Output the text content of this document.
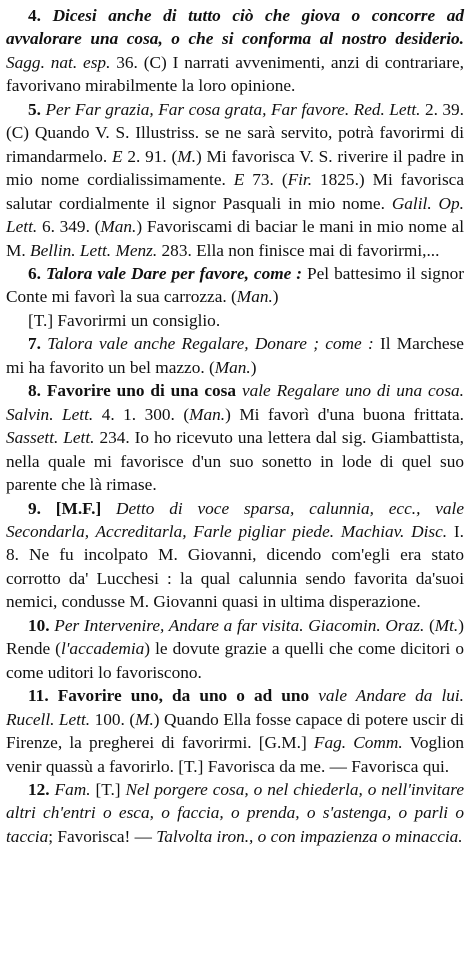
4. Dicesi anche di tutto ciò che giova o concorre ad avvalorare una cosa, o che si conforma al nostro desiderio. Sagg. nat. esp. 36. (C) I narrati avvenimenti, anzi di contrariare, favorivano mirabilmente la loro opinione.

5. Per Far grazia, Far cosa grata, Far favore. Red. Lett. 2. 39. (C) Quando V. S. Illustriss. se ne sarà servito, potrà favorirmi di rimandarmelo. E 2. 91. (M.) Mi favorisca V. S. riverire il padre in mio nome cordialissimamente. E 73. (Fir. 1825.) Mi favorisca salutar cordialmente il signor Pasquali in mio nome. Galil. Op. Lett. 6. 349. (Man.) Favoriscami di baciar le mani in mio nome al M. Bellin. Lett. Menz. 283. Ella non finisce mai di favorirmi,...

6. Talora vale Dare per favore, come : Pel battesimo il signor Conte mi favorì la sua carrozza. (Man.)

[T.] Favorirmi un consiglio.

7. Talora vale anche Regalare, Donare ; come : Il Marchese mi ha favorito un bel mazzo. (Man.)

8. Favorire uno di una cosa vale Regalare uno di una cosa. Salvin. Lett. 4. 1. 300. (Man.) Mi favorì d'una buona frittata. Sassett. Lett. 234. Io ho ricevuto una lettera dal sig. Giambattista, nella quale mi favorisce d'un suo sonetto in lode di quel suo parente che là rimase.

9. [M.F.] Detto di voce sparsa, calunnia, ecc., vale Secondarla, Accreditarla, Farle pigliar piede. Machiav. Disc. I. 8. Ne fu incolpato M. Giovanni, dicendo com'egli era stato corrotto da' Lucchesi : la qual calunnia sendo favorita da'suoi nemici, condusse M. Giovanni quasi in ultima disperazione.

10. Per Intervenire, Andare a far visita. Giacomin. Oraz. (Mt.) Rende (l'accademia) le dovute grazie a quelli che come dicitori o come uditori lo favoriscono.

11. Favorire uno, da uno o ad uno vale Andare da lui. Rucell. Lett. 100. (M.) Quando Ella fosse capace di potere uscir di Firenze, la pregherei di favorirmi. [G.M.] Fag. Comm. Voglion venir quassù a favorirlo. [T.] Favorisca da me. — Favorisca qui.

12. Fam. [T.] Nel porgere cosa, o nel chiederla, o nell'invitare altri ch'entri o esca, o faccia, o prenda, o s'astenga, o parli o taccia; Favorisca! — Talvolta iron., o con impazienza o minaccia.
